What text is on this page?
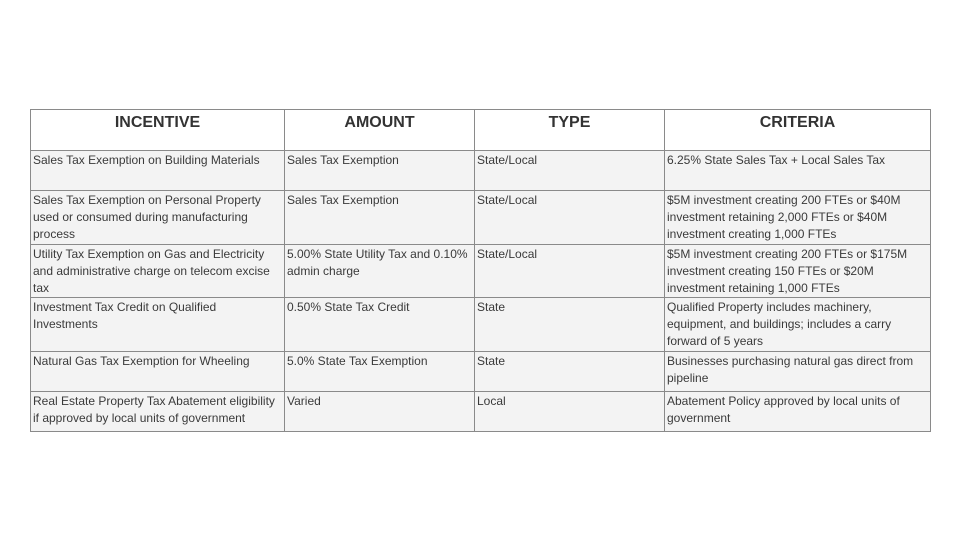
INCENTIVE	AMOUNT	TYPE	CRITERIA
Sales Tax Exemption on Building Materials	Sales Tax Exemption	State/Local	6.25% State Sales Tax + Local Sales Tax
Sales Tax Exemption on Personal Property used or consumed during manufacturing process	Sales Tax Exemption	State/Local	$5M investment creating 200 FTEs or $40M investment retaining 2,000 FTEs or $40M investment creating 1,000 FTEs
Utility Tax Exemption on Gas and Electricity and administrative charge on telecom excise tax	5.00% State Utility Tax and 0.10% admin charge	State/Local	$5M investment creating 200 FTEs or $175M investment creating 150 FTEs or $20M investment retaining 1,000 FTEs
Investment Tax Credit on Qualified Investments	0.50% State Tax Credit	State	Qualified Property includes machinery, equipment, and buildings; includes a carry forward of 5 years
Natural Gas Tax Exemption for Wheeling	5.0% State Tax Exemption	State	Businesses purchasing natural gas direct from pipeline
Real Estate Property Tax Abatement eligibility if approved by local units of government	Varied	Local	Abatement Policy approved by local units of government
